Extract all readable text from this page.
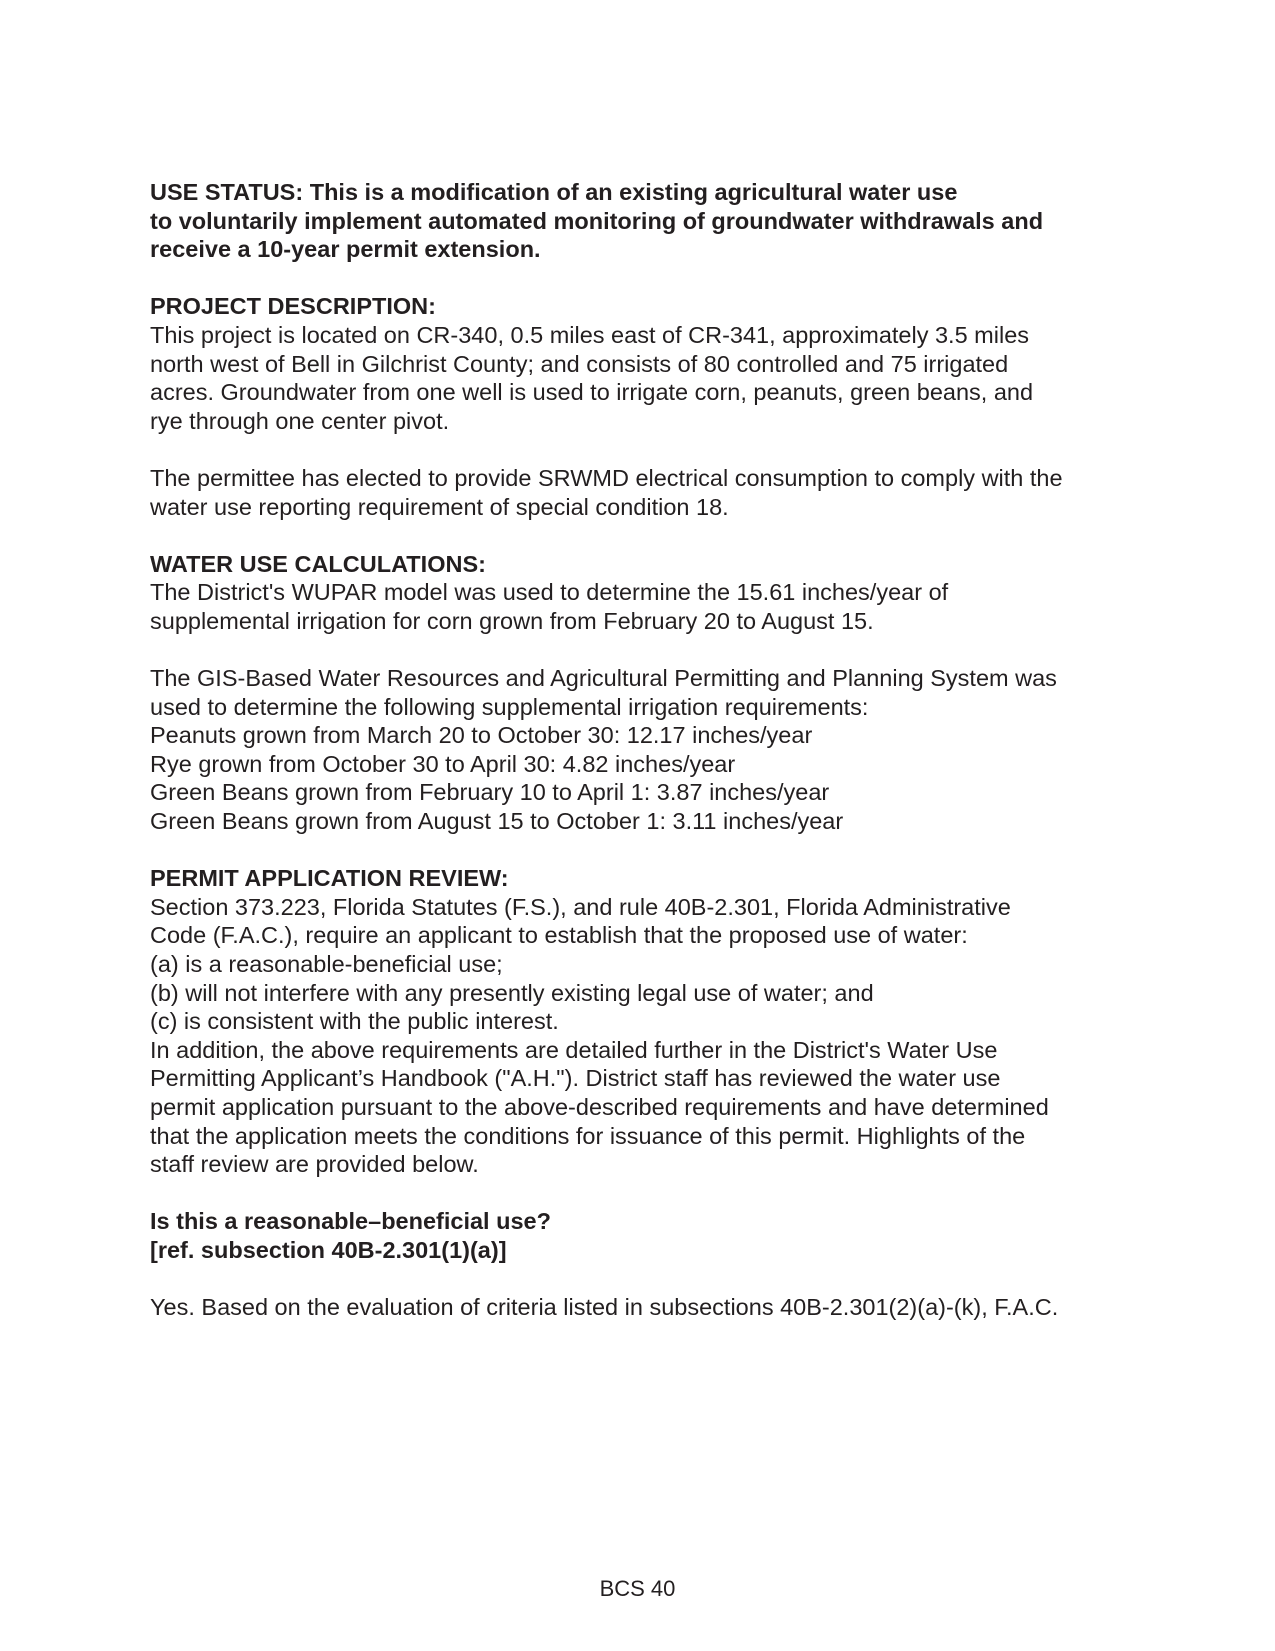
USE STATUS: This is a modification of an existing agricultural water use

to voluntarily implement automated monitoring of groundwater withdrawals and

receive a 10-year permit extension.

PROJECT DESCRIPTION:

This project is located on CR-340, 0.5 miles east of CR-341, approximately 3.5 miles

north west of Bell in Gilchrist County; and consists of 80 controlled and 75 irrigated

acres. Groundwater from one well is used to irrigate corn, peanuts, green beans, and

rye through one center pivot.

The permittee has elected to provide SRWMD electrical consumption to comply with the

water use reporting requirement of special condition 18.

WATER USE CALCULATIONS:

The District's WUPAR model was used to determine the 15.61 inches/year of

supplemental irrigation for corn grown from February 20 to August 15.

The GIS-Based Water Resources and Agricultural Permitting and Planning System was

used to determine the following supplemental irrigation requirements:

Peanuts grown from March 20 to October 30: 12.17 inches/year

Rye grown from October 30 to April 30: 4.82 inches/year

Green Beans grown from February 10 to April 1: 3.87 inches/year

Green Beans grown from August 15 to October 1: 3.11 inches/year

PERMIT APPLICATION REVIEW:

Section 373.223, Florida Statutes (F.S.), and rule 40B-2.301, Florida Administrative

Code (F.A.C.), require an applicant to establish that the proposed use of water:

(a) is a reasonable-beneficial use;

(b) will not interfere with any presently existing legal use of water; and

(c) is consistent with the public interest.

In addition, the above requirements are detailed further in the District's Water Use

Permitting Applicant’s Handbook ("A.H."). District staff has reviewed the water use

permit application pursuant to the above-described requirements and have determined

that the application meets the conditions for issuance of this permit. Highlights of the

staff review are provided below.

Is this a reasonable–beneficial use?

[ref. subsection 40B-2.301(1)(a)]

Yes. Based on the evaluation of criteria listed in subsections 40B-2.301(2)(a)-(k), F.A.C.

BCS 40
